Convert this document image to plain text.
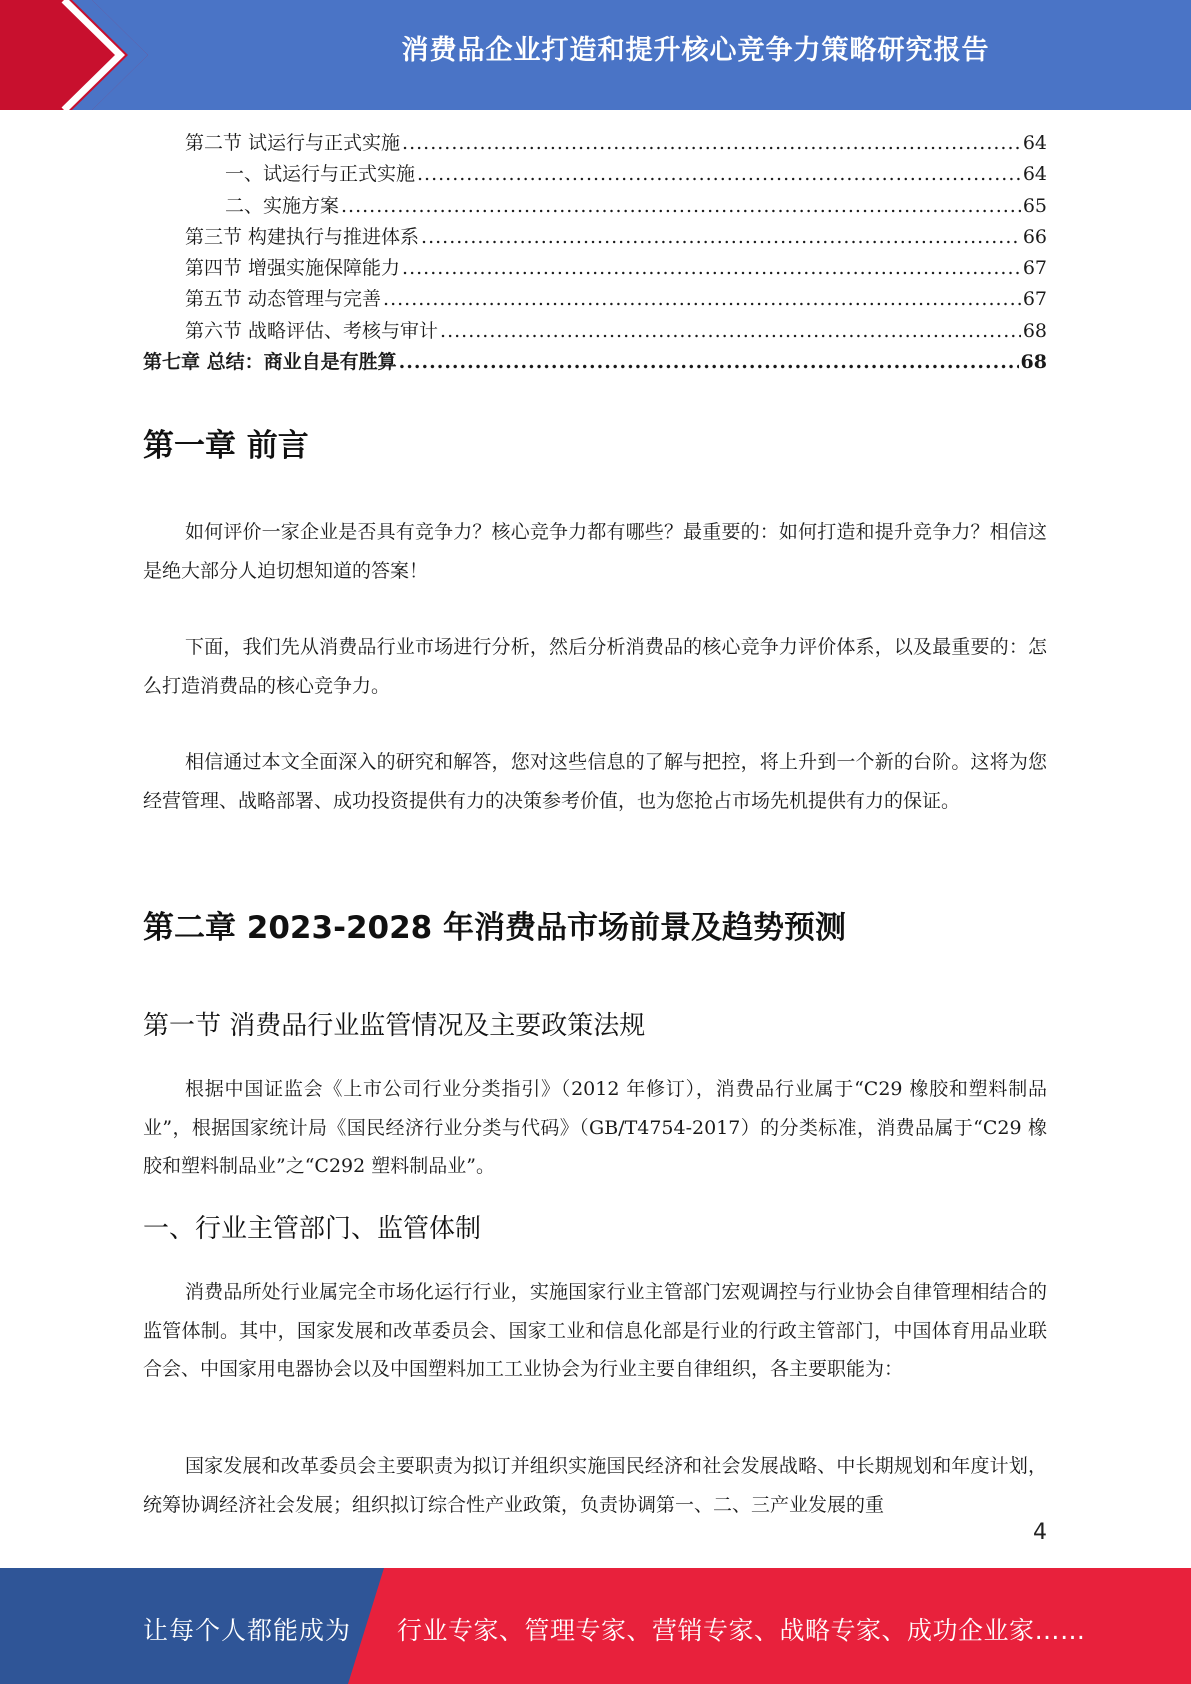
消费品企业打造和提升核心竞争力策略研究报告
第二节 试运行与正式实施 .....	64
一、试运行与正式实施 .....	64
二、实施方案 .....	65
第三节 构建执行与推进体系 .....	66
第四节 增强实施保障能力 .....	67
第五节 动态管理与完善 .....	67
第六节 战略评估、考核与审计 .....	68
第七章 总结：商业自是有胜算 .....	68
第一章 前言

如何评价一家企业是否具有竞争力？核心竞争力都有哪些？最重要的：如何打造和提升竞争力？相信这是绝大部分人迫切想知道的答案！

下面，我们先从消费品行业市场进行分析，然后分析消费品的核心竞争力评价体系，以及最重要的：怎么打造消费品的核心竞争力。

相信通过本文全面深入的研究和解答，您对这些信息的了解与把控，将上升到一个新的台阶。这将为您经营管理、战略部署、成功投资提供有力的决策参考价值，也为您抢占市场先机提供有力的保证。

第二章 2023-2028 年消费品市场前景及趋势预测
第一节 消费品行业监管情况及主要政策法规

根据中国证监会《上市公司行业分类指引》（2012 年修订），消费品行业属于“C29 橡胶和塑料制品业”，根据国家统计局《国民经济行业分类与代码》（GB/T4754-2017）的分类标准，消费品属于“C29 橡胶和塑料制品业”之“C292 塑料制品业”。

一、行业主管部门、监管体制

消费品所处行业属完全市场化运行行业，实施国家行业主管部门宏观调控与行业协会自律管理相结合的监管体制。其中，国家发展和改革委员会、国家工业和信息化部是行业的行政主管部门，中国体育用品业联合会、中国家用电器协会以及中国塑料加工工业协会为行业主要自律组织，各主要职能为：

国家发展和改革委员会主要职责为拟订并组织实施国民经济和社会发展战略、中长期规划和年度计划，统筹协调经济社会发展；组织拟订综合性产业政策，负责协调第一、二、三产业发展的重

4
让每个人都能成为 行业专家、管理专家、营销专家、战略专家、成功企业家……
